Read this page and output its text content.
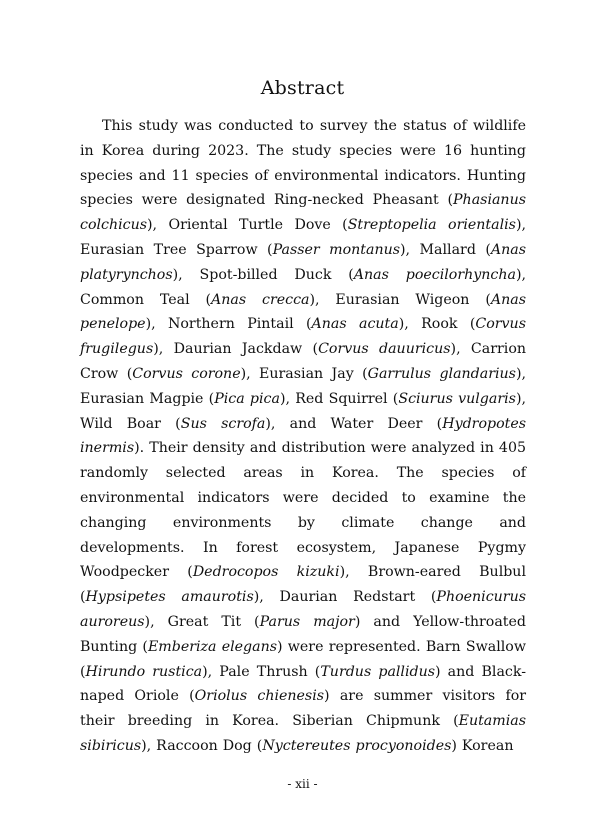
Abstract

This study was conducted to survey the status of wildlife in Korea during 2023. The study species were 16 hunting species and 11 species of environmental indicators. Hunting species were designated Ring-necked Pheasant (Phasianus colchicus), Oriental Turtle Dove (Streptopelia orientalis), Eurasian Tree Sparrow (Passer montanus), Mallard (Anas platyrynchos), Spot-billed Duck (Anas poecilorhyncha), Common Teal (Anas crecca), Eurasian Wigeon (Anas penelope), Northern Pintail (Anas acuta), Rook (Corvus frugilegus), Daurian Jackdaw (Corvus dauuricus), Carrion Crow (Corvus corone), Eurasian Jay (Garrulus glandarius), Eurasian Magpie (Pica pica), Red Squirrel (Sciurus vulgaris), Wild Boar (Sus scrofa), and Water Deer (Hydropotes inermis). Their density and distribution were analyzed in 405 randomly selected areas in Korea. The species of environmental indicators were decided to examine the changing environments by climate change and developments. In forest ecosystem, Japanese Pygmy Woodpecker (Dedrocopos kizuki), Brown-eared Bulbul (Hypsipetes amaurotis), Daurian Redstart (Phoenicurus auroreus), Great Tit (Parus major) and Yellow-throated Bunting (Emberiza elegans) were represented. Barn Swallow (Hirundo rustica), Pale Thrush (Turdus pallidus) and Black-naped Oriole (Oriolus chienesis) are summer visitors for their breeding in Korea. Siberian Chipmunk (Eutamias sibiricus), Raccoon Dog (Nyctereutes procyonoides) Korean

- xii -
